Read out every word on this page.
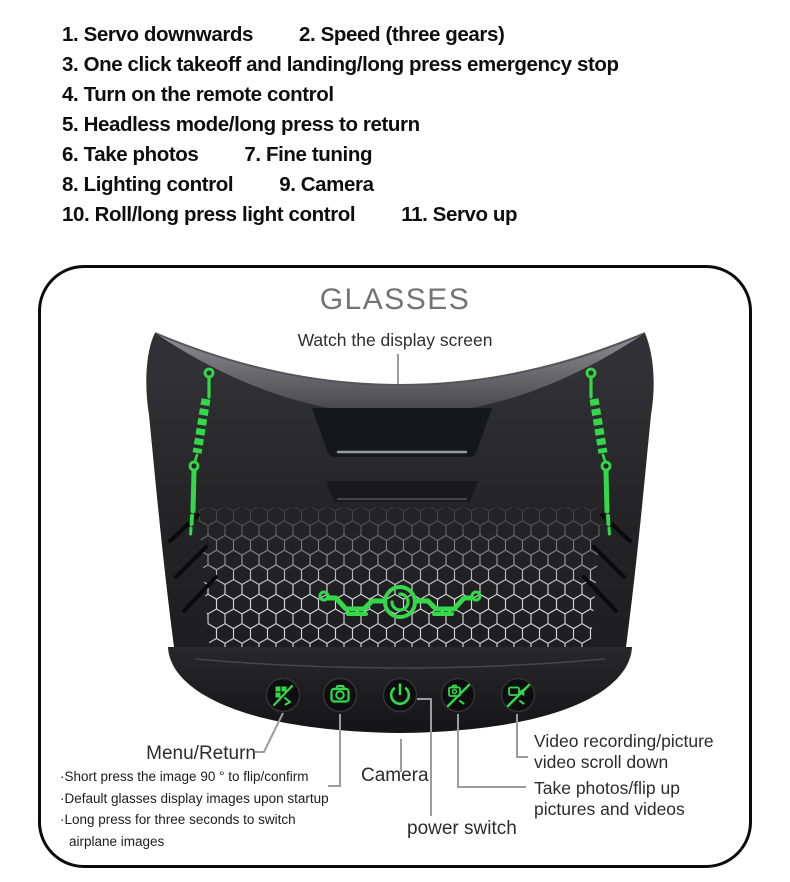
1. Servo downwards 2. Speed (three gears)
3. One click takeoff and landing/long press emergency stop
4. Turn on the remote control
5. Headless mode/long press to return
6. Take photos 7. Fine tuning
8. Lighting control 9. Camera
10. Roll/long press light control 11. Servo up
GLASSES
Watch the display screen
Menu/Return
Camera
power switch
Video recording/picture
video scroll down
Take photos/flip up
pictures and videos
·Short press the image 90 ° to flip/confirm
·Default glasses display images upon startup
·Long press for three seconds to switch
airplane images
